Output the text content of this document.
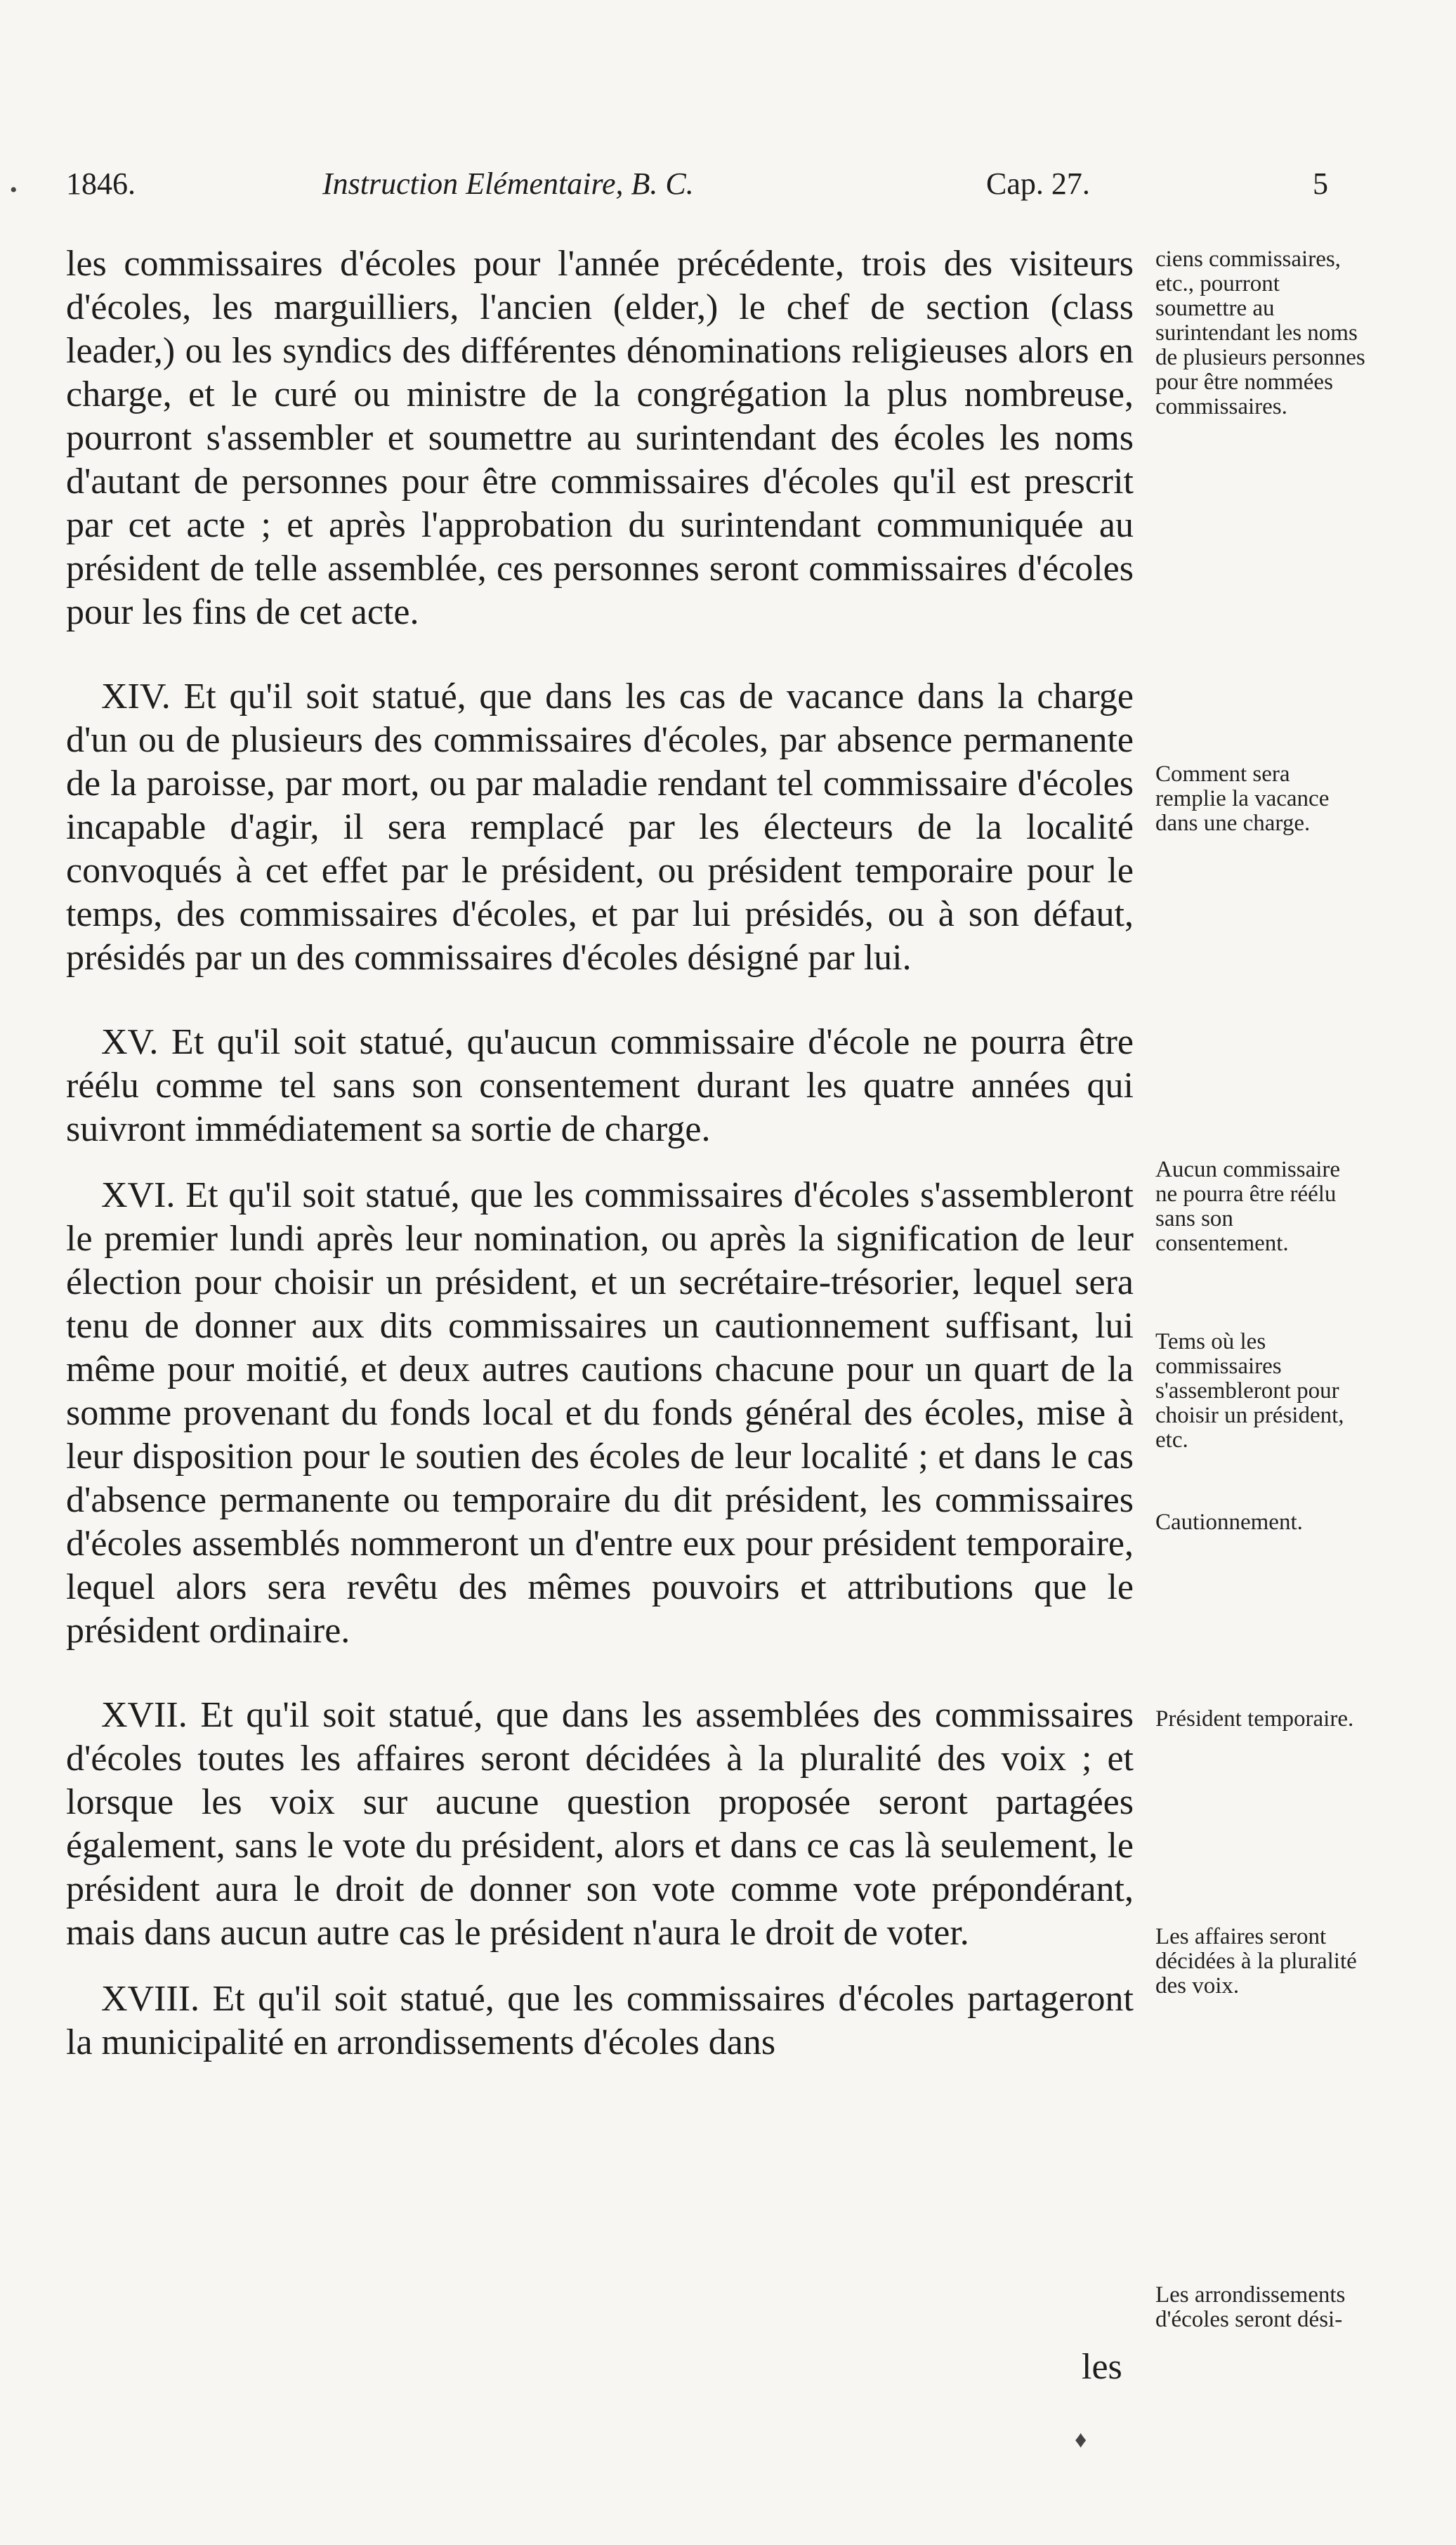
• 1846.	Instruction Elémentaire, B. C.	Cap. 27.	5

les commissaires d'écoles pour l'année précédente, trois des visiteurs d'écoles, les marguilliers, l'ancien (elder,) le chef de section (class leader,) ou les syndics des différentes dénominations religieuses alors en charge, et le curé ou ministre de la congrégation la plus nombreuse, pourront s'assembler et soumettre au surintendant des écoles les noms d'autant de personnes pour être commissaires d'écoles qu'il est prescrit par cet acte ; et après l'approbation du surintendant communiquée au président de telle assemblée, ces personnes seront commissaires d'écoles pour les fins de cet acte.

XIV. Et qu'il soit statué, que dans les cas de vacance dans la charge d'un ou de plusieurs des commissaires d'écoles, par absence permanente de la paroisse, par mort, ou par maladie rendant tel commissaire d'écoles incapable d'agir, il sera remplacé par les électeurs de la localité convoqués à cet effet par le président, ou président temporaire pour le temps, des commissaires d'écoles, et par lui présidés, ou à son défaut, présidés par un des commissaires d'écoles désigné par lui.

XV. Et qu'il soit statué, qu'aucun commissaire d'école ne pourra être réélu comme tel sans son consentement durant les quatre années qui suivront immédiatement sa sortie de charge.

XVI. Et qu'il soit statué, que les commissaires d'écoles s'assembleront le premier lundi après leur nomination, ou après la signification de leur élection pour choisir un président, et un secrétaire-trésorier, lequel sera tenu de donner aux dits commissaires un cautionnement suffisant, lui même pour moitié, et deux autres cautions chacune pour un quart de la somme provenant du fonds local et du fonds général des écoles, mise à leur disposition pour le soutien des écoles de leur localité ; et dans le cas d'absence permanente ou temporaire du dit président, les commissaires d'écoles assemblés nommeront un d'entre eux pour président temporaire, lequel alors sera revêtu des mêmes pouvoirs et attributions que le président ordinaire.

XVII. Et qu'il soit statué, que dans les assemblées des commissaires d'écoles toutes les affaires seront décidées à la pluralité des voix ; et lorsque les voix sur aucune question proposée seront partagées également, sans le vote du président, alors et dans ce cas là seulement, le président aura le droit de donner son vote comme vote prépondérant, mais dans aucun autre cas le président n'aura le droit de voter.

XVIII. Et qu'il soit statué, que les commissaires d'écoles partageront la municipalité en arrondissements d'écoles dans

ciens commissaires, etc., pourront soumettre au surintendant les noms de plusieurs personnes pour être nommées commissaires.
Comment sera remplie la vacance dans une charge.
Aucun commissaire ne pourra être réélu sans son consentement.
Tems où les commissaires s'assembleront pour choisir un président, etc.
Cautionnement.
Président temporaire.
Les affaires seront décidées à la pluralité des voix.
Les arrondissements d'écoles seront dési-
les
♦
